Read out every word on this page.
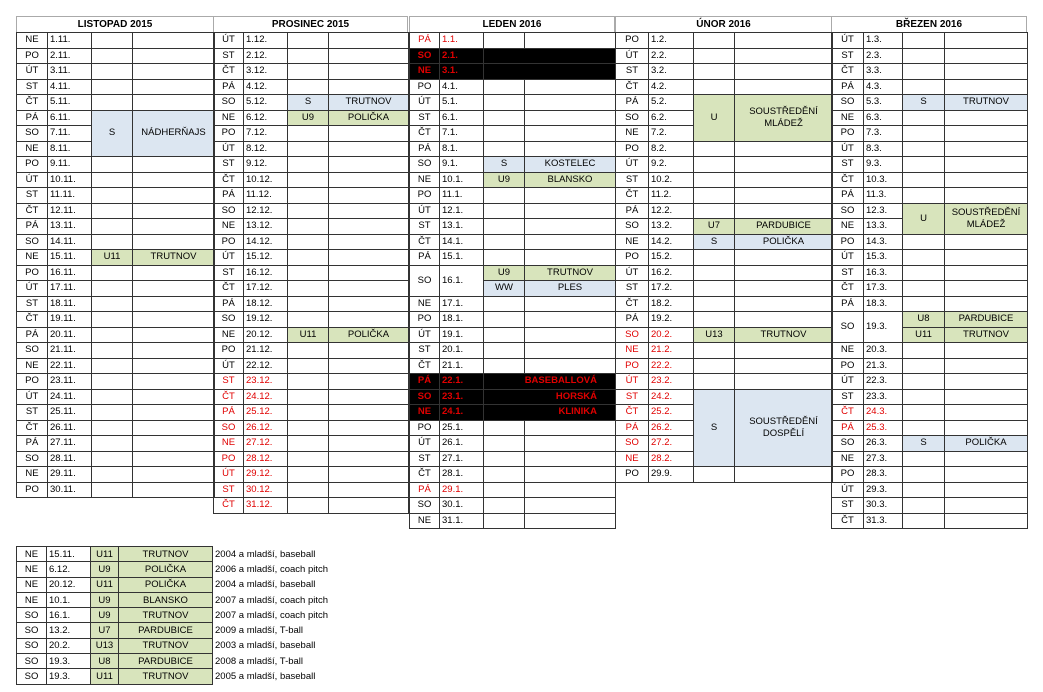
LISTOPAD 2015
NE	1.11.		
PO	2.11.		
ÚT	3.11.		
ST	4.11.		
ČT	5.11.		
PÁ	6.11.	S	NÁDHERŇAJS
SO	7.11.		
NE	8.11.		
PO	9.11.		
ÚT	10.11.		
ST	11.11.		
ČT	12.11.		
PÁ	13.11.		
SO	14.11.		
NE	15.11.	U11	TRUTNOV
PO	16.11.		
ÚT	17.11.		
ST	18.11.		
ČT	19.11.		
PÁ	20.11.		
SO	21.11.		
NE	22.11.		
PO	23.11.		
ÚT	24.11.		
ST	25.11.		
ČT	26.11.		
PÁ	27.11.		
SO	28.11.		
NE	29.11.		
PO	30.11.		
PROSINEC 2015
ÚT	1.12.		
ST	2.12.		
ČT	3.12.		
PÁ	4.12.		
SO	5.12.	S	TRUTNOV
NE	6.12.	U9	POLIČKA
PO	7.12.		
ÚT	8.12.		
ST	9.12.		
ČT	10.12.		
PÁ	11.12.		
SO	12.12.		
NE	13.12.		
PO	14.12.		
ÚT	15.12.		
ST	16.12.		
ČT	17.12.		
PÁ	18.12.		
SO	19.12.		
NE	20.12.	U11	POLIČKA
PO	21.12.		
ÚT	22.12.		
ST	23.12.		
ČT	24.12.		
PÁ	25.12.		
SO	26.12.		
NE	27.12.		
PO	28.12.		
ÚT	29.12.		
ST	30.12.		
ČT	31.12.		
LEDEN 2016
PÁ	1.1.		
SO	2.1.		
NE	3.1.		
PO	4.1.		
ÚT	5.1.		
ST	6.1.		
ČT	7.1.		
PÁ	8.1.		
SO	9.1.	S	KOSTELEC
NE	10.1.	U9	BLANSKO
PO	11.1.		
ÚT	12.1.		
ST	13.1.		
ČT	14.1.		
PÁ	15.1.		
SO	16.1.	U9	TRUTNOV
		WW	PLES
NE	17.1.		
PO	18.1.		
ÚT	19.1.		
ST	20.1.		
ČT	21.1.		
PÁ	22.1.	BASEBALLOVÁ	
SO	23.1.	HORSKÁ	
NE	24.1.	KLINIKA	
PO	25.1.		
ÚT	26.1.		
ST	27.1.		
ČT	28.1.		
PÁ	29.1.		
SO	30.1.		
NE	31.1.		
ÚNOR 2016
PO	1.2.		
ÚT	2.2.		
ST	3.2.		
ČT	4.2.		
PÁ	5.2.	U	SOUSTŘEDĚNÍ MLÁDEŽ
SO	6.2.		
NE	7.2.		
PO	8.2.		
ÚT	9.2.		
ST	10.2.		
ČT	11.2.		
PÁ	12.2.		
SO	13.2.	U7	PARDUBICE
NE	14.2.	S	POLIČKA
PO	15.2.		
ÚT	16.2.		
ST	17.2.		
ČT	18.2.		
PÁ	19.2.		
SO	20.2.	U13	TRUTNOV
NE	21.2.		
PO	22.2.		
ÚT	23.2.		
ST	24.2.	S	SOUSTŘEDĚNÍ DOSPĚLÍ
ČT	25.2.		
PÁ	26.2.		
SO	27.2.		
NE	28.2.		
PO	29.9.		
BŘEZEN 2016
ÚT	1.3.		
ST	2.3.		
ČT	3.3.		
PÁ	4.3.		
SO	5.3.	S	TRUTNOV
NE	6.3.		
PO	7.3.		
ÚT	8.3.		
ST	9.3.		
ČT	10.3.		
PÁ	11.3.		
SO	12.3.	U	SOUSTŘEDĚNÍ MLÁDEŽ
NE	13.3.		
PO	14.3.		
ÚT	15.3.		
ST	16.3.		
ČT	17.3.		
PÁ	18.3.		
SO	19.3.	U8	PARDUBICE
		U11	TRUTNOV
NE	20.3.		
PO	21.3.		
ÚT	22.3.		
ST	23.3.		
ČT	24.3.		
PÁ	25.3.		
SO	26.3.	S	POLIČKA
NE	27.3.		
PO	28.3.		
ÚT	29.3.		
ST	30.3.		
ČT	31.3.		
NE	15.11.	U11	TRUTNOV	2004 a mladší, baseball
NE	6.12.	U9	POLIČKA	2006 a mladší, coach pitch
NE	20.12.	U11	POLIČKA	2004 a mladší, baseball
NE	10.1.	U9	BLANSKO	2007 a mladší, coach pitch
SO	16.1.	U9	TRUTNOV	2007 a mladší, coach pitch
SO	13.2.	U7	PARDUBICE	2009 a mladší, T-ball
SO	20.2.	U13	TRUTNOV	2003 a mladší, baseball
SO	19.3.	U8	PARDUBICE	2008 a mladší, T-ball
SO	19.3.	U11	TRUTNOV	2005 a mladší, baseball
